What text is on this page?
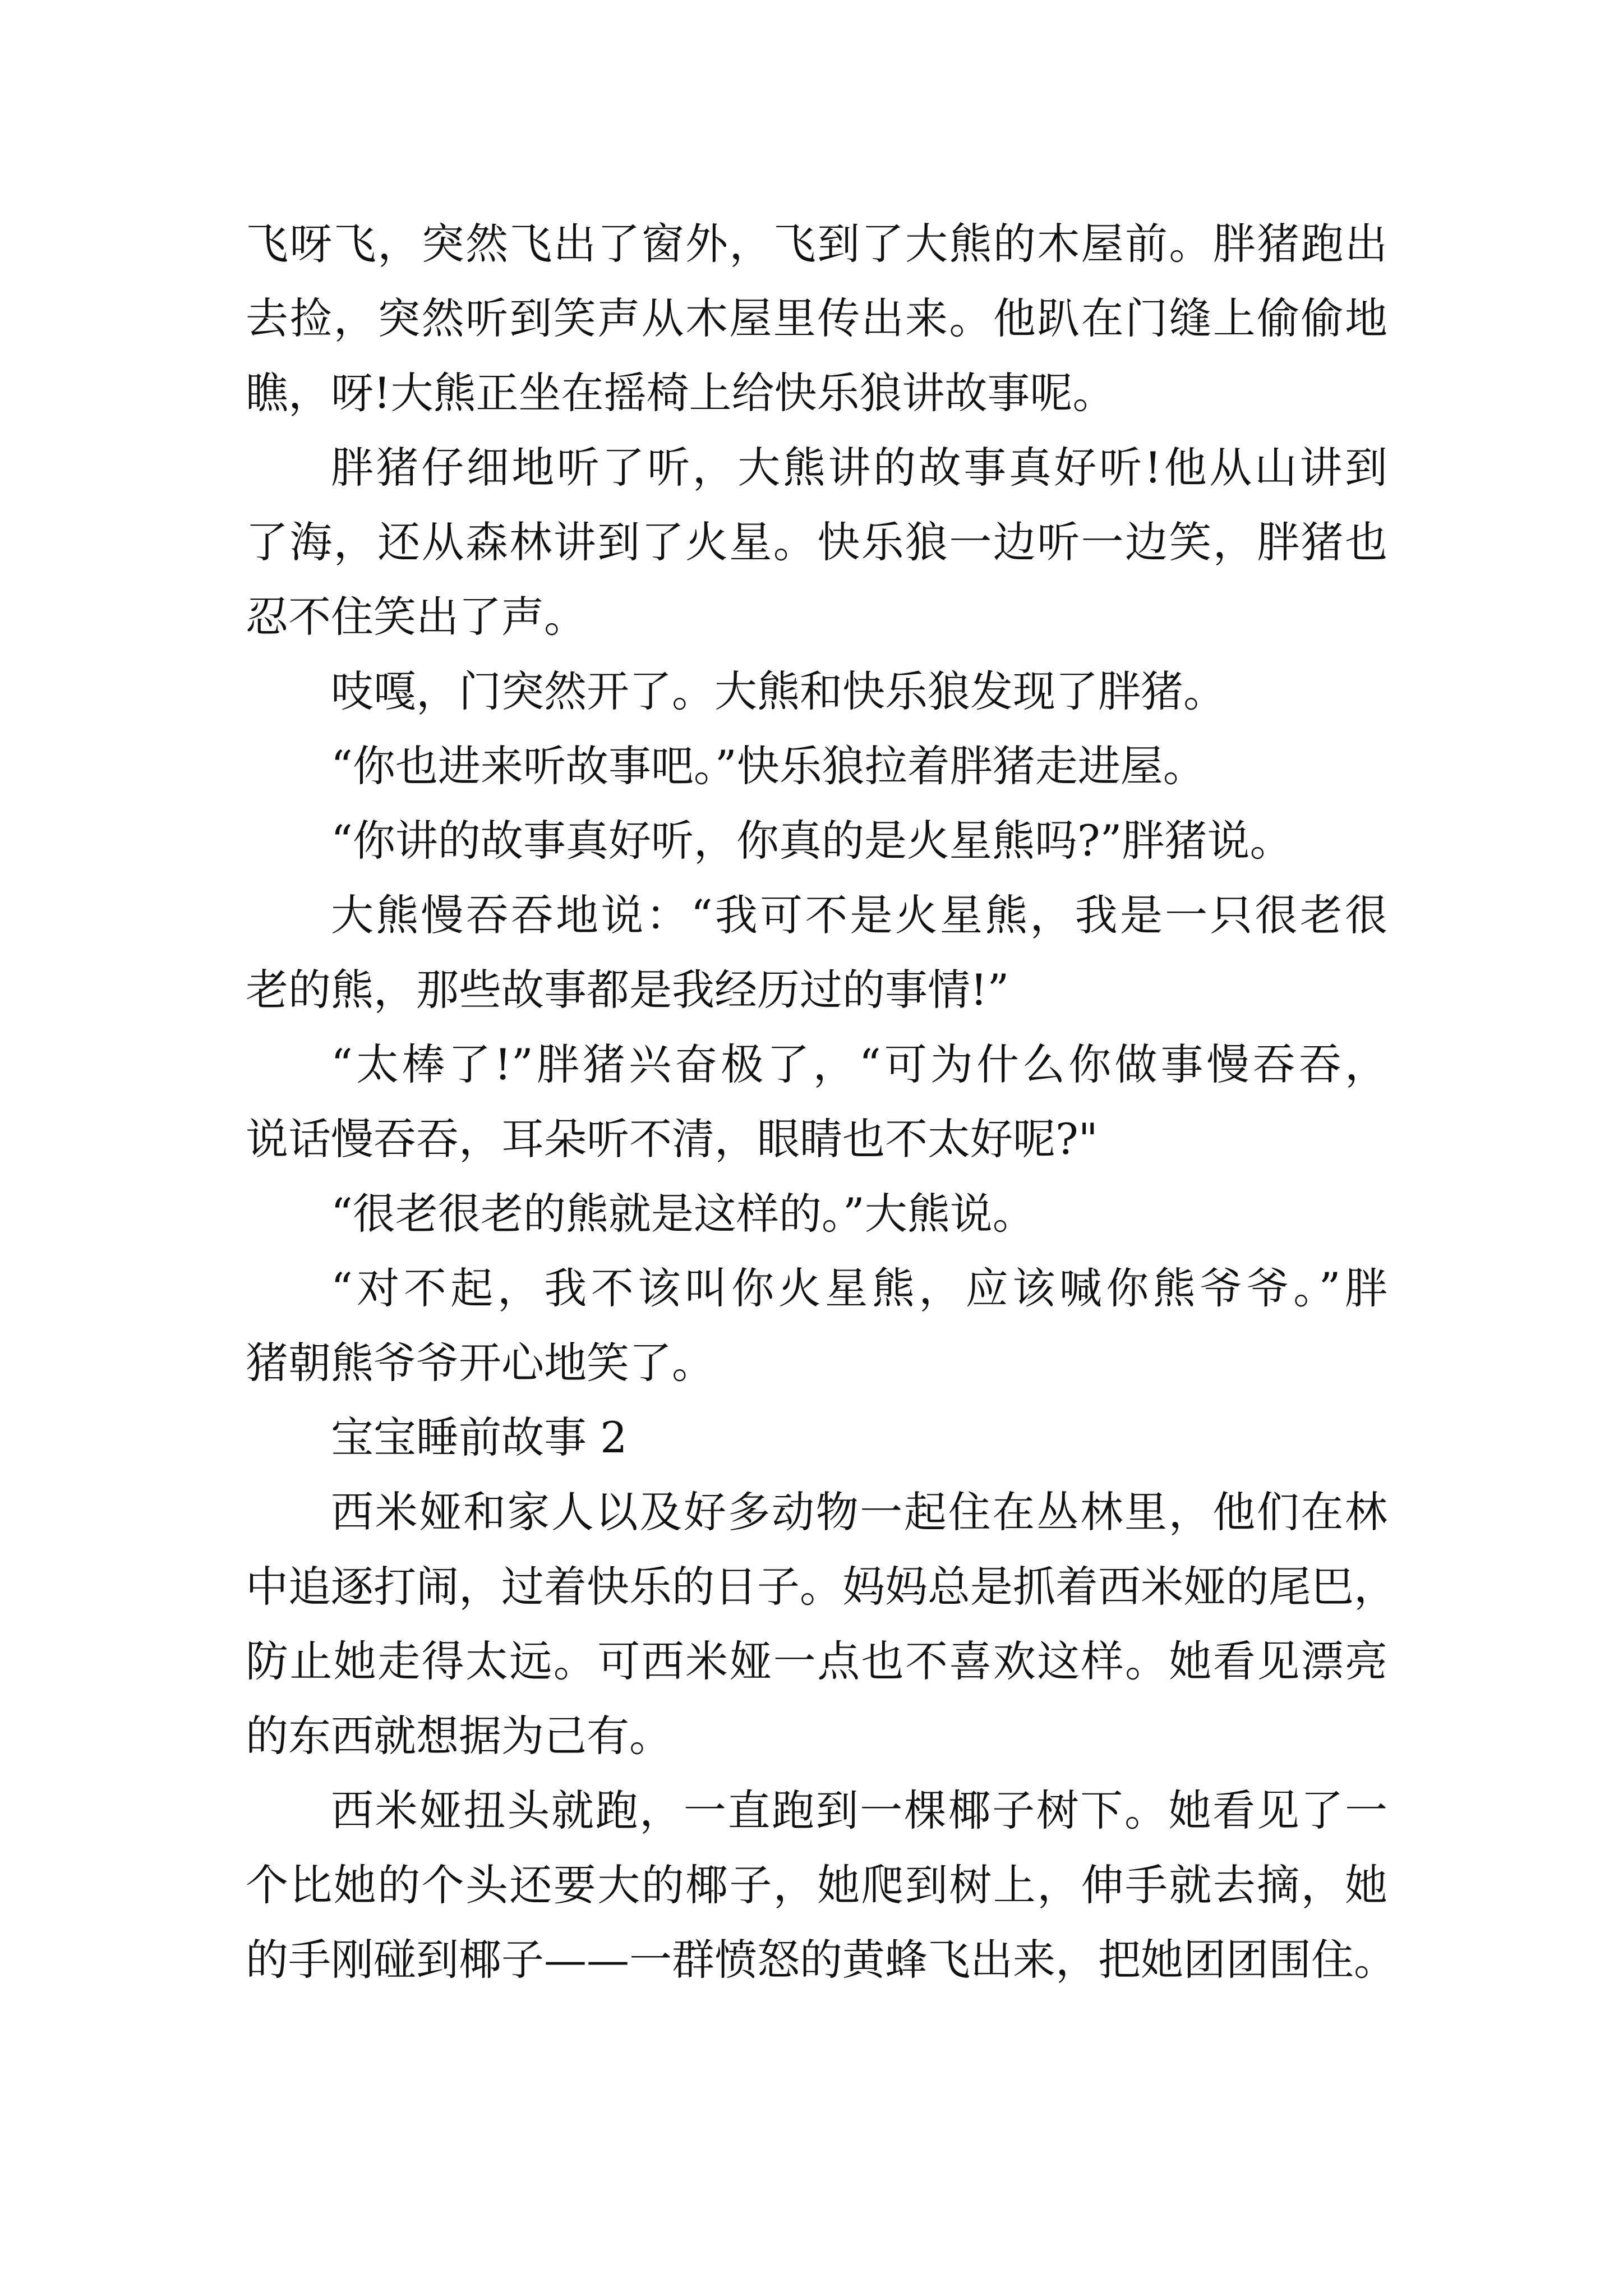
飞呀飞，突然飞出了窗外，飞到了大熊的木屋前。胖猪跑出
去捡，突然听到笑声从木屋里传出来。他趴在门缝上偷偷地
瞧，呀!大熊正坐在摇椅上给快乐狼讲故事呢。
胖猪仔细地听了听，大熊讲的故事真好听!他从山讲到
了海，还从森林讲到了火星。快乐狼一边听一边笑，胖猪也
忍不住笑出了声。
吱嘎，门突然开了。大熊和快乐狼发现了胖猪。
“你也进来听故事吧。”快乐狼拉着胖猪走进屋。
“你讲的故事真好听，你真的是火星熊吗?”胖猪说。
大熊慢吞吞地说：“我可不是火星熊，我是一只很老很
老的熊，那些故事都是我经历过的事情!”
“太棒了!”胖猪兴奋极了，“可为什么你做事慢吞吞，
说话慢吞吞，耳朵听不清，眼睛也不太好呢?"
“很老很老的熊就是这样的。”大熊说。
“对不起，我不该叫你火星熊，应该喊你熊爷爷。”胖
猪朝熊爷爷开心地笑了。
宝宝睡前故事 2
西米娅和家人以及好多动物一起住在丛林里，他们在林
中追逐打闹，过着快乐的日子。妈妈总是抓着西米娅的尾巴，
防止她走得太远。可西米娅一点也不喜欢这样。她看见漂亮
的东西就想据为己有。
西米娅扭头就跑，一直跑到一棵椰子树下。她看见了一
个比她的个头还要大的椰子，她爬到树上，伸手就去摘，她
的手刚碰到椰子——一群愤怒的黄蜂飞出来，把她团团围住。
